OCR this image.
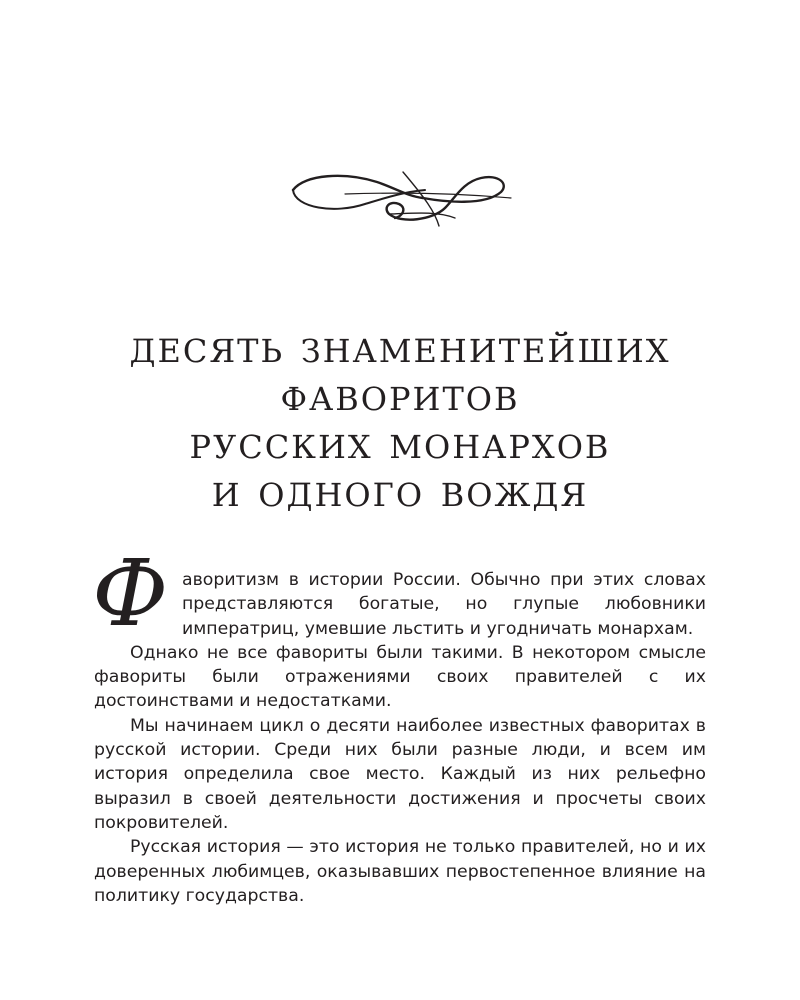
десять знаменитейших
фаворитов
русских монархов
и одного вождя

Фаворитизм в истории России. Обычно при этих словах представляются богатые, но глупые любовники императриц, умевшие льстить и угодничать монархам.

Однако не все фавориты были такими. В некотором смысле фавориты были отражениями своих правителей с их достоинствами и недостатками.

Мы начинаем цикл о десяти наиболее известных фаворитах в русской истории. Среди них были разные люди, и всем им история определила свое место. Каждый из них рельефно выразил в своей деятельности достижения и просчеты своих покровителей.

Русская история — это история не только правителей, но и их доверенных любимцев, оказывавших первостепенное влияние на политику государства.
